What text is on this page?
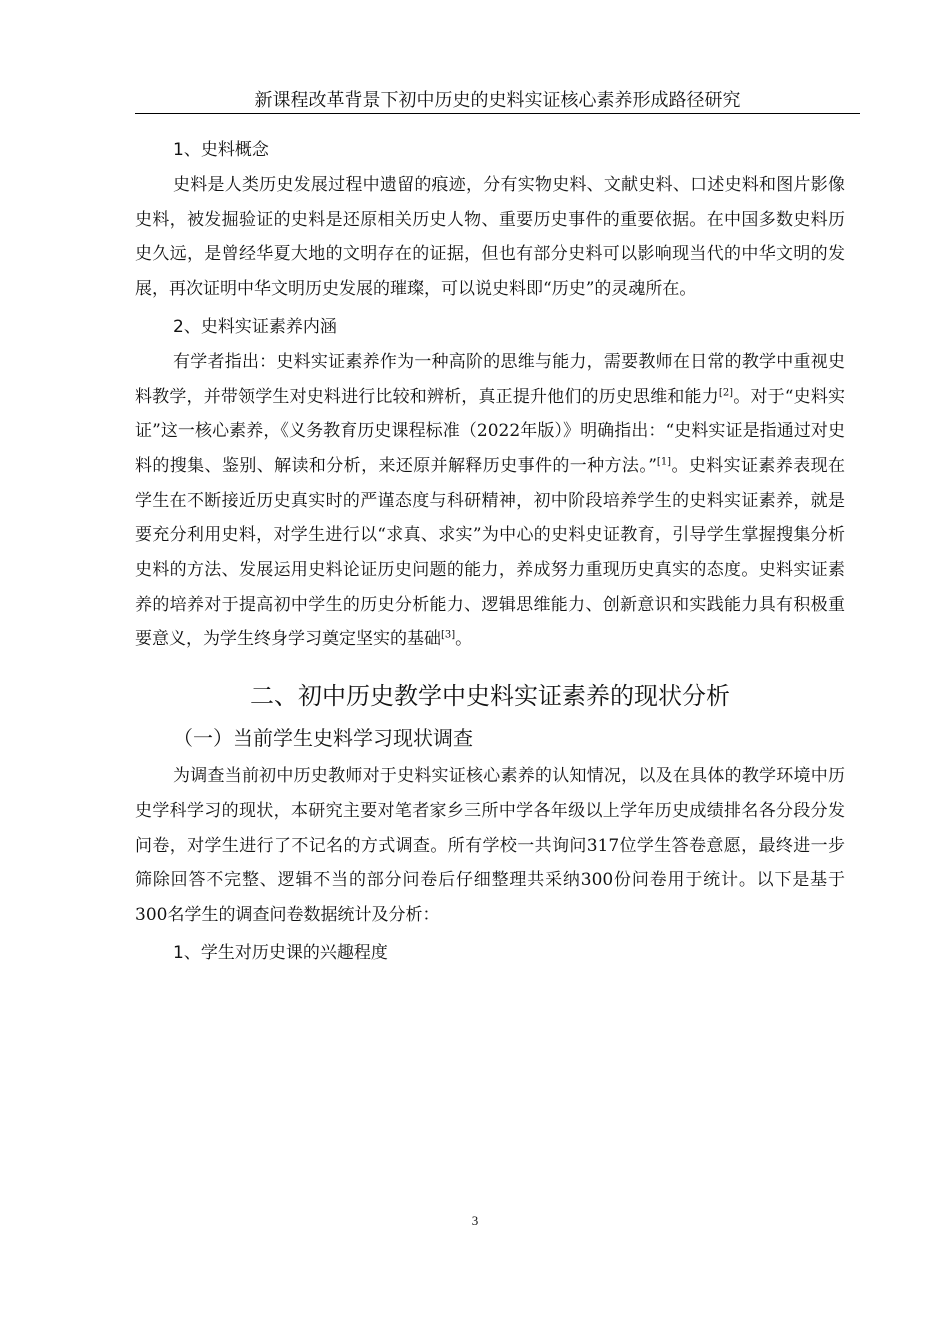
新课程改革背景下初中历史的史料实证核心素养形成路径研究
1、史料概念

史料是人类历史发展过程中遗留的痕迹，分有实物史料、文献史料、口述史料和图片影像史料，被发掘验证的史料是还原相关历史人物、重要历史事件的重要依据。在中国多数史料历史久远，是曾经华夏大地的文明存在的证据，但也有部分史料可以影响现当代的中华文明的发展，再次证明中华文明历史发展的璀璨，可以说史料即“历史”的灵魂所在。

2、史料实证素养内涵

有学者指出：史料实证素养作为一种高阶的思维与能力，需要教师在日常的教学中重视史料教学，并带领学生对史料进行比较和辨析，真正提升他们的历史思维和能力[2]。对于“史料实证”这一核心素养，《义务教育历史课程标准（2022年版）》明确指出：“史料实证是指通过对史料的搜集、鉴别、解读和分析，来还原并解释历史事件的一种方法。”[1]。史料实证素养表现在学生在不断接近历史真实时的严谨态度与科研精神，初中阶段培养学生的史料实证素养，就是要充分利用史料，对学生进行以“求真、求实”为中心的史料史证教育，引导学生掌握搜集分析史料的方法、发展运用史料论证历史问题的能力，养成努力重现历史真实的态度。史料实证素养的培养对于提高初中学生的历史分析能力、逻辑思维能力、创新意识和实践能力具有积极重要意义，为学生终身学习奠定坚实的基础[3]。

二、初中历史教学中史料实证素养的现状分析
（一）当前学生史料学习现状调查

为调查当前初中历史教师对于史料实证核心素养的认知情况，以及在具体的教学环境中历史学科学习的现状，本研究主要对笔者家乡三所中学各年级以上学年历史成绩排名各分段分发问卷，对学生进行了不记名的方式调查。所有学校一共询问317位学生答卷意愿，最终进一步筛除回答不完整、逻辑不当的部分问卷后仔细整理共采纳300份问卷用于统计。以下是基于300名学生的调查问卷数据统计及分析：

1、学生对历史课的兴趣程度
3
